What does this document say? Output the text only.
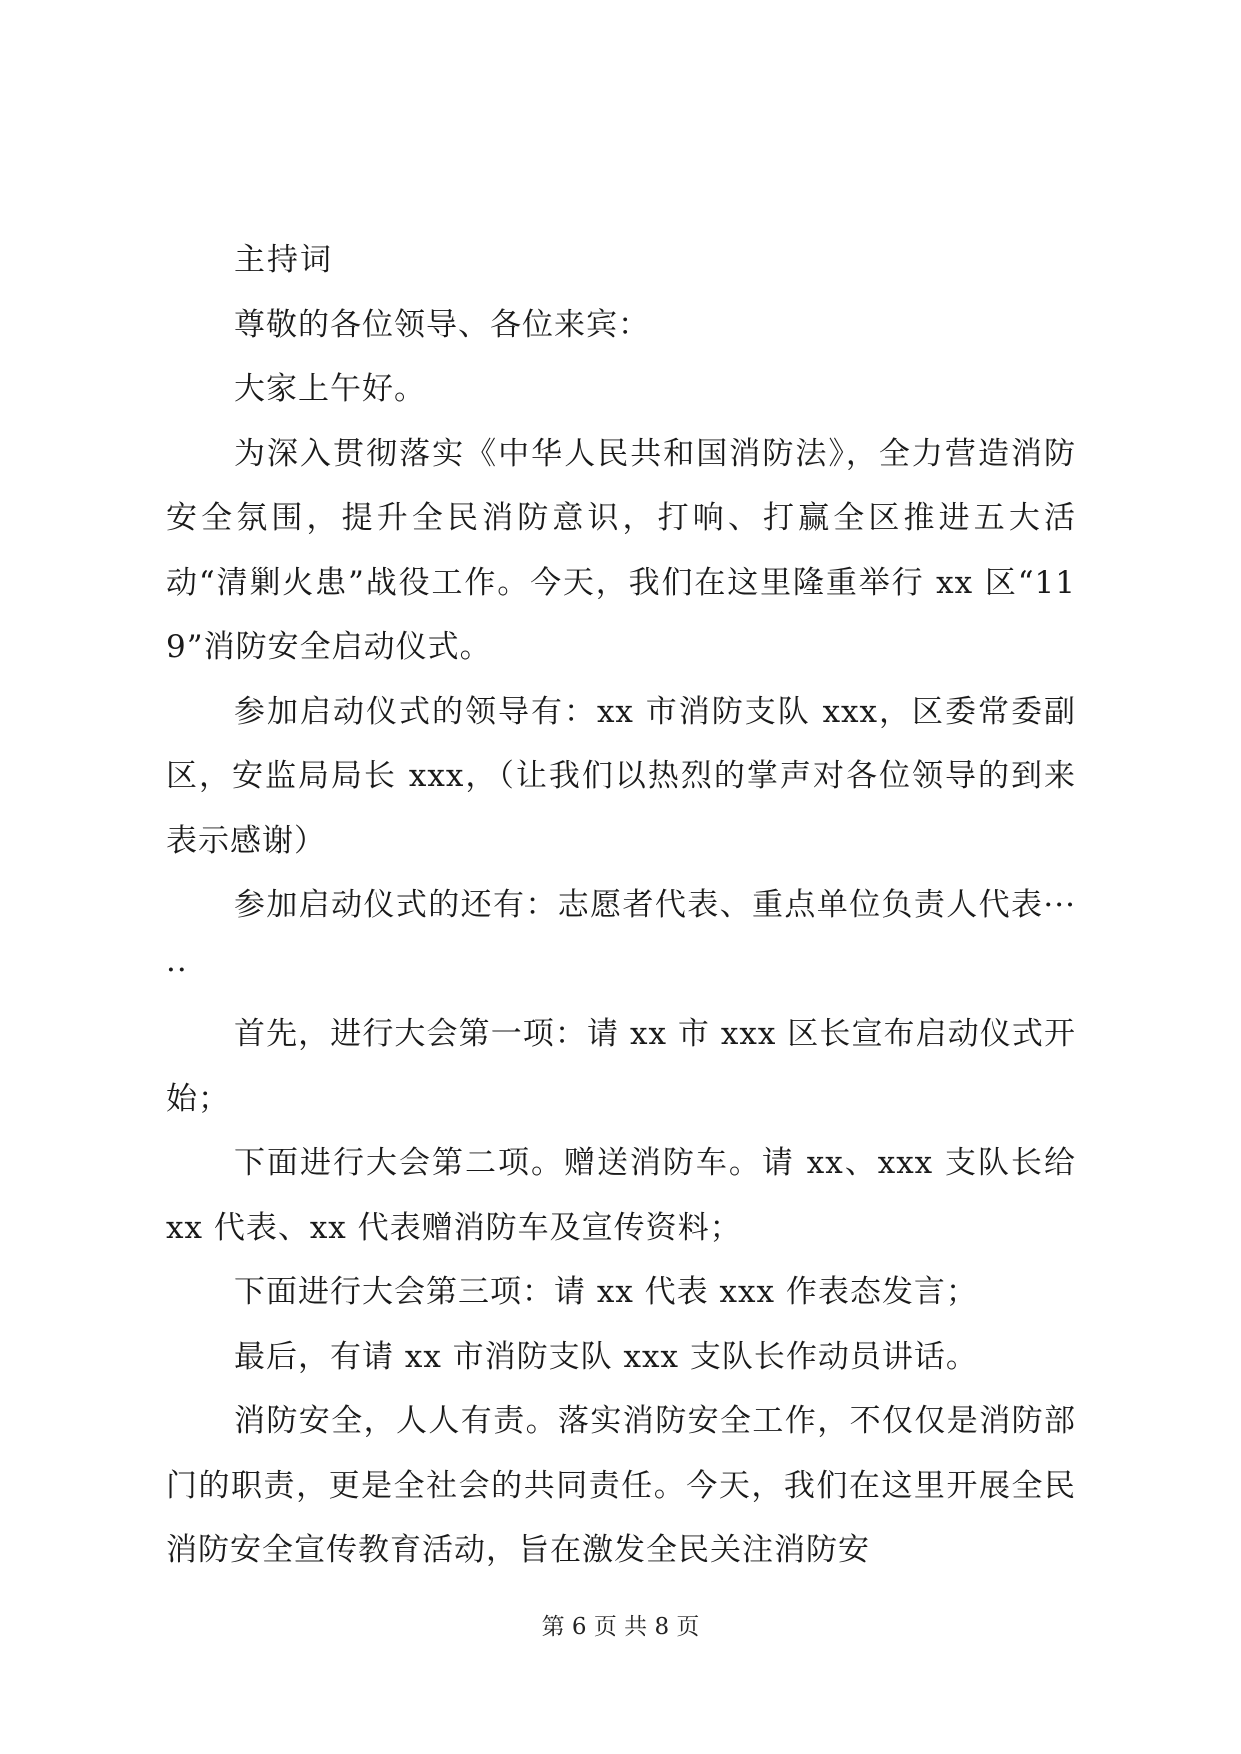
主持词

尊敬的各位领导、各位来宾：

大家上午好。

为深入贯彻落实《中华人民共和国消防法》，全力营造消防安全氛围，提升全民消防意识，打响、打赢全区推进五大活动“清剿火患”战役工作。今天，我们在这里隆重举行 xx 区“119”消防安全启动仪式。

参加启动仪式的领导有：xx 市消防支队 xxx，区委常委副区，安监局局长 xxx，（让我们以热烈的掌声对各位领导的到来表示感谢）

参加启动仪式的还有：志愿者代表、重点单位负责人代表·····

首先，进行大会第一项：请 xx 市 xxx 区长宣布启动仪式开始；

下面进行大会第二项。赠送消防车。请 xx、xxx 支队长给 xx 代表、xx 代表赠消防车及宣传资料；

下面进行大会第三项：请 xx 代表 xxx 作表态发言；

最后，有请 xx 市消防支队 xxx 支队长作动员讲话。

消防安全，人人有责。落实消防安全工作，不仅仅是消防部门的职责，更是全社会的共同责任。今天，我们在这里开展全民消防安全宣传教育活动，旨在激发全民关注消防安

第 6 页 共 8 页
